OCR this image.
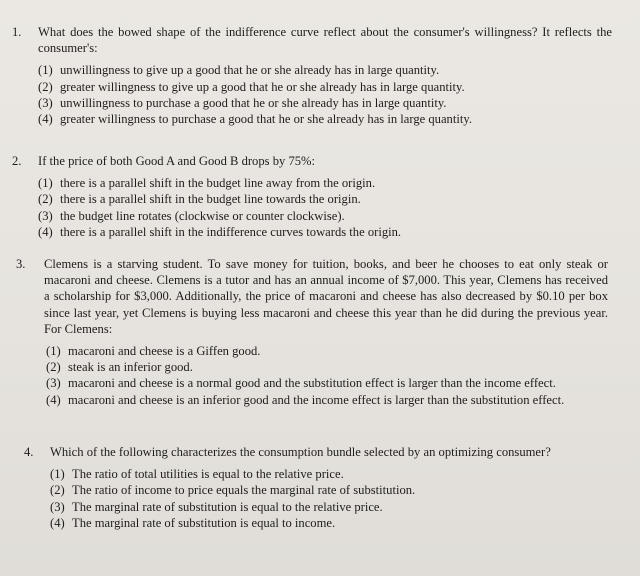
1. What does the bowed shape of the indifference curve reflect about the consumer's willingness? It reflects the consumer's:

(1) unwillingness to give up a good that he or she already has in large quantity.
(2) greater willingness to give up a good that he or she already has in large quantity.
(3) unwillingness to purchase a good that he or she already has in large quantity.
(4) greater willingness to purchase a good that he or she already has in large quantity.
2. If the price of both Good A and Good B drops by 75%:

(1) there is a parallel shift in the budget line away from the origin.
(2) there is a parallel shift in the budget line towards the origin.
(3) the budget line rotates (clockwise or counter clockwise).
(4) there is a parallel shift in the indifference curves towards the origin.
3. Clemens is a starving student. To save money for tuition, books, and beer he chooses to eat only steak or macaroni and cheese. Clemens is a tutor and has an annual income of $7,000. This year, Clemens has received a scholarship for $3,000. Additionally, the price of macaroni and cheese has also decreased by $0.10 per box since last year, yet Clemens is buying less macaroni and cheese this year than he did during the previous year. For Clemens:

(1) macaroni and cheese is a Giffen good.
(2) steak is an inferior good.
(3) macaroni and cheese is a normal good and the substitution effect is larger than the income effect.
(4) macaroni and cheese is an inferior good and the income effect is larger than the substitution effect.
4. Which of the following characterizes the consumption bundle selected by an optimizing consumer?

(1) The ratio of total utilities is equal to the relative price.
(2) The ratio of income to price equals the marginal rate of substitution.
(3) The marginal rate of substitution is equal to the relative price.
(4) The marginal rate of substitution is equal to income.
